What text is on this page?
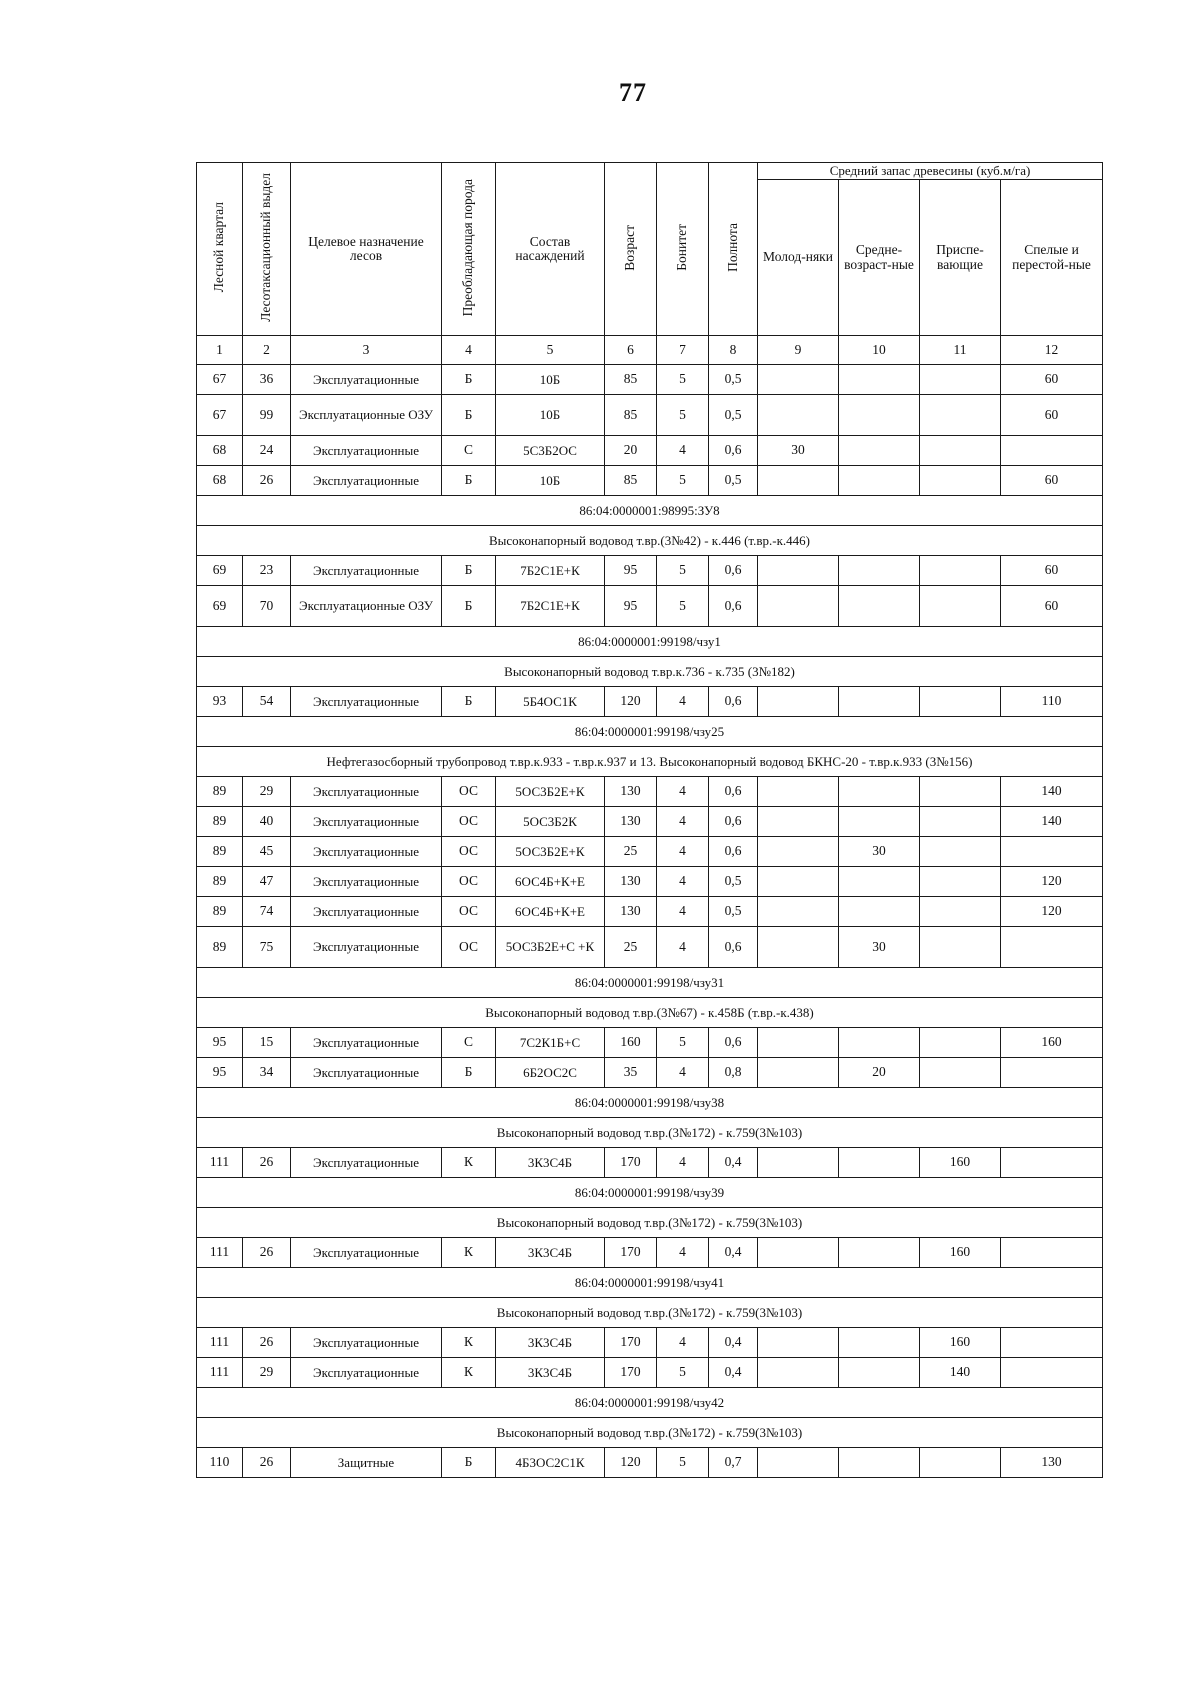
77
Лесной квартал	Лесотаксационный выдел	Целевое назначение лесов	Преобладающая порода	Состав насаждений	Возраст	Бонитет	Полнота	Средний запас древесины (куб.м/га)			
								Молод-няки	Средне-возраст-ные	Приспе-вающие	Спелые и перестой-ные
1	2	3	4	5	6	7	8	9	10	11	12
67	36	Эксплуатационные	Б	10Б	85	5	0,5				60
67	99	Эксплуатационные ОЗУ	Б	10Б	85	5	0,5				60
68	24	Эксплуатационные	С	5С3Б2ОС	20	4	0,6	30			
68	26	Эксплуатационные	Б	10Б	85	5	0,5				60
86:04:0000001:98995:ЗУ8											
Высоконапорный водовод т.вр.(3№42) - к.446 (т.вр.-к.446)											
69	23	Эксплуатационные	Б	7Б2С1Е+К	95	5	0,6				60
69	70	Эксплуатационные ОЗУ	Б	7Б2С1Е+К	95	5	0,6				60
86:04:0000001:99198/чзу1											
Высоконапорный водовод т.вр.к.736 - к.735 (3№182)											
93	54	Эксплуатационные	Б	5Б4ОС1К	120	4	0,6				110
86:04:0000001:99198/чзу25											
Нефтегазосборный трубопровод т.вр.к.933 - т.вр.к.937 и 13. Высоконапорный водовод БКНС-20 - т.вр.к.933 (3№156)											
89	29	Эксплуатационные	ОС	5ОС3Б2Е+К	130	4	0,6				140
89	40	Эксплуатационные	ОС	5ОС3Б2К	130	4	0,6				140
89	45	Эксплуатационные	ОС	5ОС3Б2Е+К	25	4	0,6		30		
89	47	Эксплуатационные	ОС	6ОС4Б+К+Е	130	4	0,5				120
89	74	Эксплуатационные	ОС	6ОС4Б+К+Е	130	4	0,5				120
89	75	Эксплуатационные	ОС	5ОС3Б2Е+С +К	25	4	0,6		30		
86:04:0000001:99198/чзу31											
Высоконапорный водовод т.вр.(3№67) - к.458Б (т.вр.-к.438)											
95	15	Эксплуатационные	С	7С2К1Б+С	160	5	0,6				160
95	34	Эксплуатационные	Б	6Б2ОС2С	35	4	0,8		20		
86:04:0000001:99198/чзу38											
Высоконапорный водовод т.вр.(3№172) - к.759(3№103)											
111	26	Эксплуатационные	К	3К3С4Б	170	4	0,4			160	
86:04:0000001:99198/чзу39											
Высоконапорный водовод т.вр.(3№172) - к.759(3№103)											
111	26	Эксплуатационные	К	3К3С4Б	170	4	0,4			160	
86:04:0000001:99198/чзу41											
Высоконапорный водовод т.вр.(3№172) - к.759(3№103)											
111	26	Эксплуатационные	К	3К3С4Б	170	4	0,4			160	
111	29	Эксплуатационные	К	3К3С4Б	170	5	0,4			140	
86:04:0000001:99198/чзу42											
Высоконапорный водовод т.вр.(3№172) - к.759(3№103)											
110	26	Защитные	Б	4Б3ОС2С1К	120	5	0,7				130
